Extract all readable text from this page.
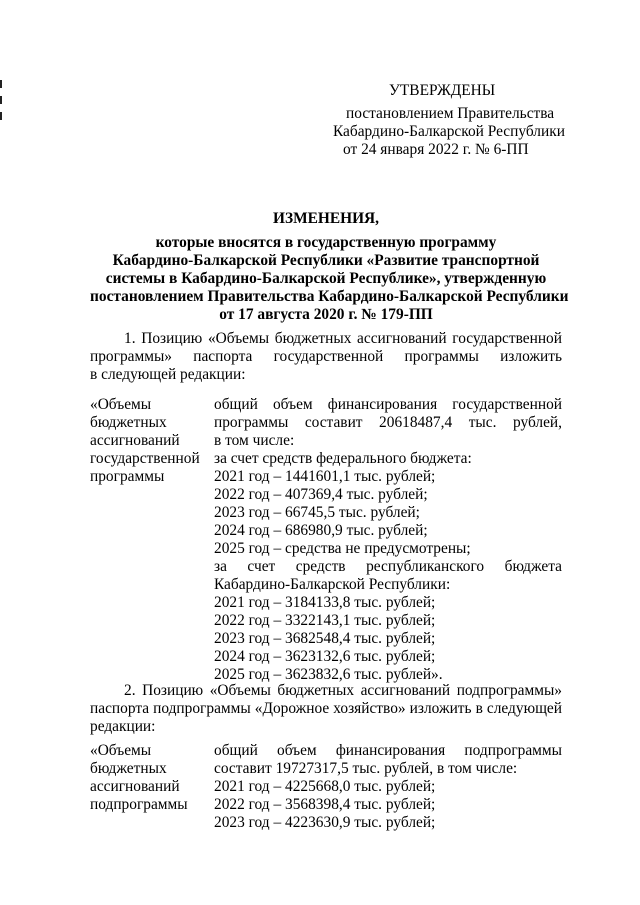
УТВЕРЖДЕНЫ
постановлением Правительства
Кабардино-Балкарской Республики
от 24 января 2022 г. № 6-ПП
ИЗМЕНЕНИЯ,
которые вносятся в государственную программу
Кабардино-Балкарской Республики «Развитие транспортной
системы в Кабардино-Балкарской Республике», утвержденную
постановлением Правительства Кабардино-Балкарской Республики
от 17 августа 2020 г. № 179-ПП
1. Позицию «Объемы бюджетных ассигнований государственной
программы» паспорта государственной программы изложить
в следующей редакции:
«Объемы
бюджетных
ассигнований
государственной
программы
общий объем финансирования государственной
программы составит 20618487,4 тыс. рублей,
в том числе:
за счет средств федерального бюджета:
2021 год – 1441601,1 тыс. рублей;
2022 год – 407369,4 тыс. рублей;
2023 год – 66745,5 тыс. рублей;
2024 год – 686980,9 тыс. рублей;
2025 год – средства не предусмотрены;
за счет средств республиканского бюджета
Кабардино-Балкарской Республики:
2021 год – 3184133,8 тыс. рублей;
2022 год – 3322143,1 тыс. рублей;
2023 год – 3682548,4 тыс. рублей;
2024 год – 3623132,6 тыс. рублей;
2025 год – 3623832,6 тыс. рублей».
2. Позицию «Объемы бюджетных ассигнований подпрограммы»
паспорта подпрограммы «Дорожное хозяйство» изложить в следующей
редакции:
«Объемы
бюджетных
ассигнований
подпрограммы
общий объем финансирования подпрограммы
составит 19727317,5 тыс. рублей, в том числе:
2021 год – 4225668,0 тыс. рублей;
2022 год – 3568398,4 тыс. рублей;
2023 год – 4223630,9 тыс. рублей;
